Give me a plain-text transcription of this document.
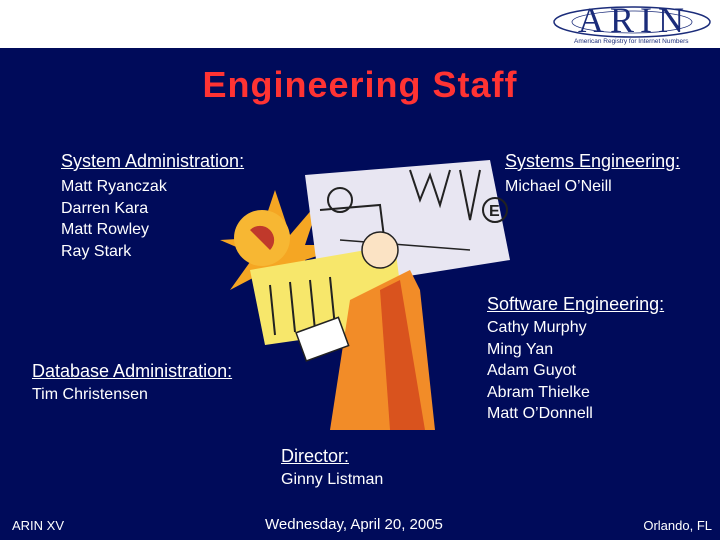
ARIN
American Registry for Internet Numbers
Engineering Staff
E
System Administration:
Matt Ryanczak
Darren Kara
Matt Rowley
Ray Stark
Systems Engineering:
Michael O’Neill
Software Engineering:
Cathy Murphy
Ming Yan
Adam Guyot
Abram Thielke
Matt O’Donnell
Database Administration:
Tim Christensen
Director:
Ginny Listman
ARIN XV	Wednesday, April 20, 2005	Orlando, FL
